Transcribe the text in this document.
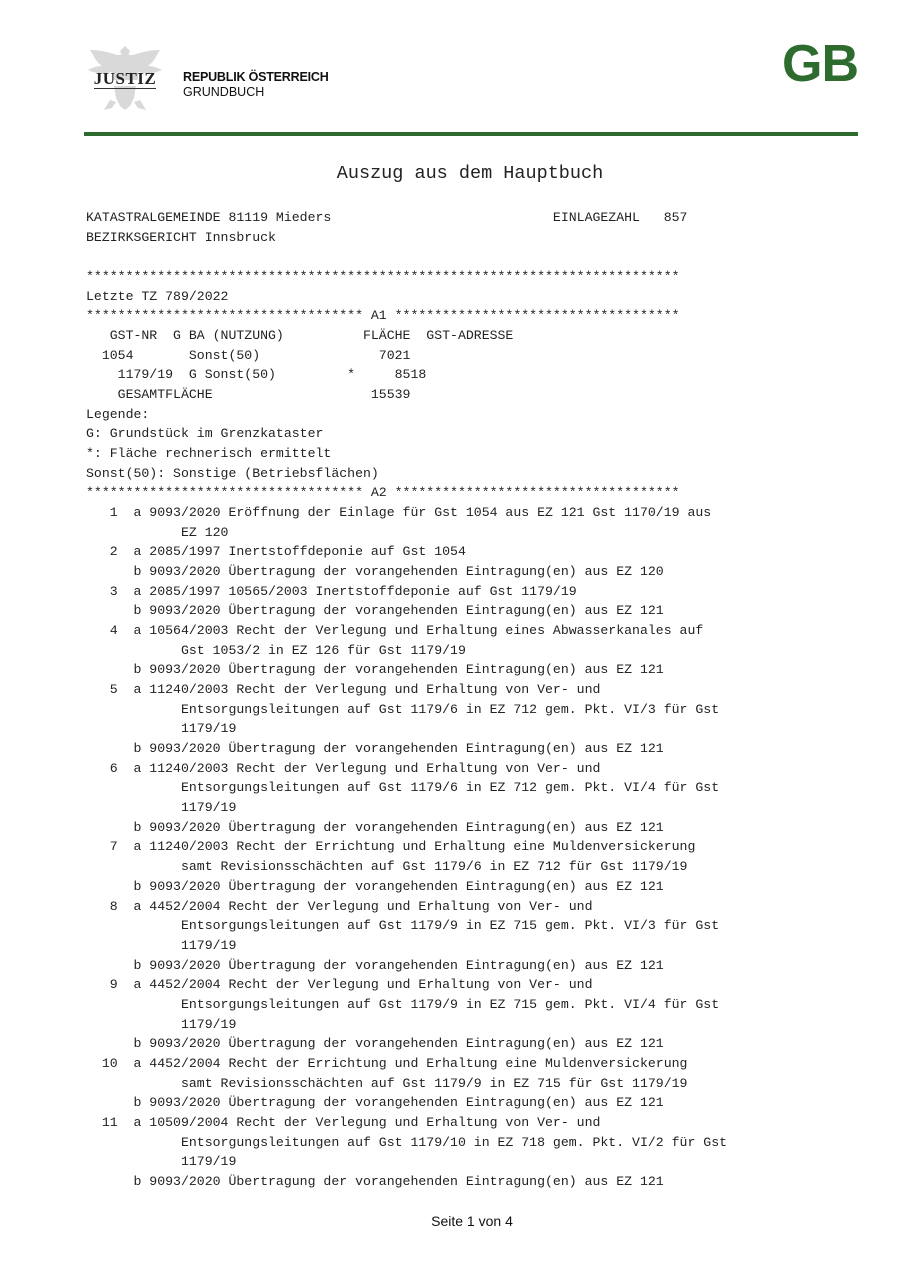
JUSTIZ REPUBLIK ÖSTERREICH
GRUNDBUCH	GB
Auszug aus dem Hauptbuch
KATASTRALGEMEINDE 81119 Mieders                            EINLAGEZAHL   857
BEZIRKSGERICHT Innsbruck
***************************************************************************
Letzte TZ 789/2022
*********************************** A1 ************************************
GST-NR  G BA (NUTZUNG)          FLÄCHE  GST-ADRESSE
1054       Sonst(50)               7021
1179/19  G Sonst(50)         *     8518
GESAMTFLÄCHE                    15539
Legende:
G: Grundstück im Grenzkataster
*: Fläche rechnerisch ermittelt
Sonst(50): Sonstige (Betriebsflächen)
*********************************** A2 ************************************
1  a 9093/2020 Eröffnung der Einlage für Gst 1054 aus EZ 121 Gst 1170/19 aus
EZ 120
2  a 2085/1997 Inertstoffdeponie auf Gst 1054
b 9093/2020 Übertragung der vorangehenden Eintragung(en) aus EZ 120
3  a 2085/1997 10565/2003 Inertstoffdeponie auf Gst 1179/19
b 9093/2020 Übertragung der vorangehenden Eintragung(en) aus EZ 121
4  a 10564/2003 Recht der Verlegung und Erhaltung eines Abwasserkanales auf
Gst 1053/2 in EZ 126 für Gst 1179/19
b 9093/2020 Übertragung der vorangehenden Eintragung(en) aus EZ 121
5  a 11240/2003 Recht der Verlegung und Erhaltung von Ver- und
Entsorgungsleitungen auf Gst 1179/6 in EZ 712 gem. Pkt. VI/3 für Gst
1179/19
b 9093/2020 Übertragung der vorangehenden Eintragung(en) aus EZ 121
6  a 11240/2003 Recht der Verlegung und Erhaltung von Ver- und
Entsorgungsleitungen auf Gst 1179/6 in EZ 712 gem. Pkt. VI/4 für Gst
1179/19
b 9093/2020 Übertragung der vorangehenden Eintragung(en) aus EZ 121
7  a 11240/2003 Recht der Errichtung und Erhaltung eine Muldenversickerung
samt Revisionsschächten auf Gst 1179/6 in EZ 712 für Gst 1179/19
b 9093/2020 Übertragung der vorangehenden Eintragung(en) aus EZ 121
8  a 4452/2004 Recht der Verlegung und Erhaltung von Ver- und
Entsorgungsleitungen auf Gst 1179/9 in EZ 715 gem. Pkt. VI/3 für Gst
1179/19
b 9093/2020 Übertragung der vorangehenden Eintragung(en) aus EZ 121
9  a 4452/2004 Recht der Verlegung und Erhaltung von Ver- und
Entsorgungsleitungen auf Gst 1179/9 in EZ 715 gem. Pkt. VI/4 für Gst
1179/19
b 9093/2020 Übertragung der vorangehenden Eintragung(en) aus EZ 121
10  a 4452/2004 Recht der Errichtung und Erhaltung eine Muldenversickerung
samt Revisionsschächten auf Gst 1179/9 in EZ 715 für Gst 1179/19
b 9093/2020 Übertragung der vorangehenden Eintragung(en) aus EZ 121
11  a 10509/2004 Recht der Verlegung und Erhaltung von Ver- und
Entsorgungsleitungen auf Gst 1179/10 in EZ 718 gem. Pkt. VI/2 für Gst
1179/19
b 9093/2020 Übertragung der vorangehenden Eintragung(en) aus EZ 121
Seite 1 von 4
